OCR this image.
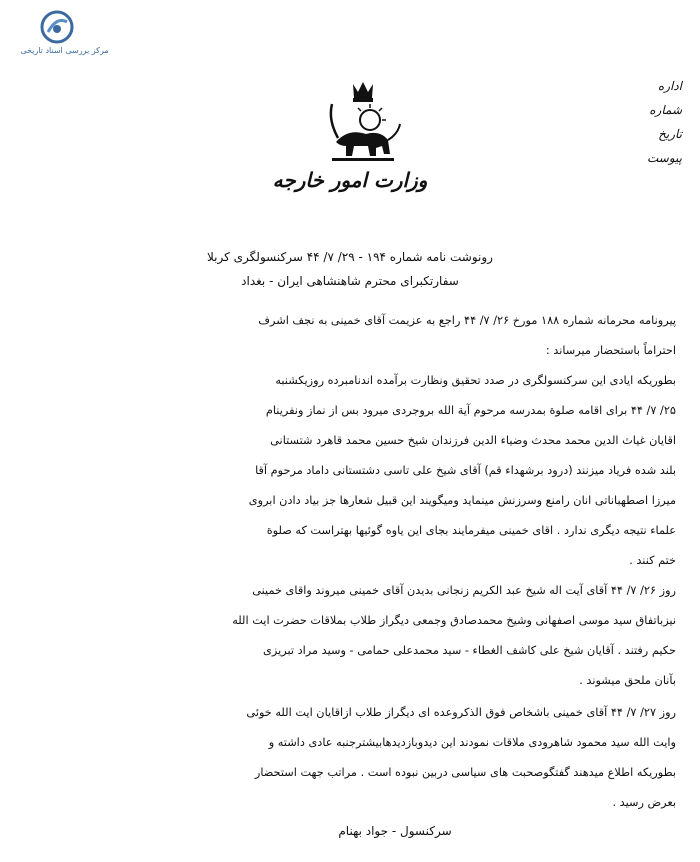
مرکز بررسی اسناد تاریخی
اداره
شماره
تاریخ
پیوست
وزارت امور خارجه
رونوشت نامه شماره ۱۹۴ - ۲۹/ ۷/ ۴۴ سرکنسولگری کربلا
سفارتکبرای محترم شاهنشاهی ایران - بغداد

پیرونامه محرمانه شماره ۱۸۸ مورخ ۲۶/ ۷/ ۴۴ راجع به عزیمت آقای خمینی به نجف اشرف

احتراماً باستحضار میرساند :

بطوریکه ایادی این سرکنسولگری در صدد تحقیق ونظارت برآمده اندنامبرده روزیکشنبه

۲۵/ ۷/ ۴۴ برای اقامه صلوة بمدرسه مرحوم آیة الله بروجردی میرود بس از نماز ونفرینام

اقایان غیاث الدین محمد محدث وضیاء الدین فرزندان شیخ حسین محمد قاهرد شتستانی

بلند شده فریاد میزنند (درود برشهداء قم) آقای شیخ علی تاسی دشتستانی داماد مرحوم آقا

میرزا اصطهباناتی انان رامنع وسرزنش مینماید ومیگویند این قبیل شعارها جز بیاد دادن ابروی

علماء نتیجه دیگری ندارد . اقای خمینی میفرمایند بجای این یاوه گوئیها بهتراست که صلوة

ختم کنند .

روز ۲۶/ ۷/ ۴۴ آقای آیت اله شیخ عبد الکریم زنجانی بدیدن آقای خمینی میروند واقای خمینی

نیزباتفاق سید موسی اصفهانی وشیخ محمدصادق وجمعی دیگراز طلاب بملاقات حضرت ایت الله

حکیم رفتند . آقایان شیخ علی کاشف الغطاء - سید محمدعلی حمامی - وسید مراد تبریزی

بآنان ملحق میشوند .

روز ۲۷/ ۷/ ۴۴ آقای خمینی باشخاص فوق الذکروعده ای دیگراز طلاب ازاقایان ایت الله خوئی

وایت الله سید محمود شاهرودی ملاقات نمودند این دیدوبازدیدهابیشترجنبه عادی داشته و

بطوریکه اطلاع میدهند گفتگوصحبت های سیاسی دربین نبوده است . مراتب جهت استحضار

بعرض رسید .

سرکنسول - جواد بهنام
